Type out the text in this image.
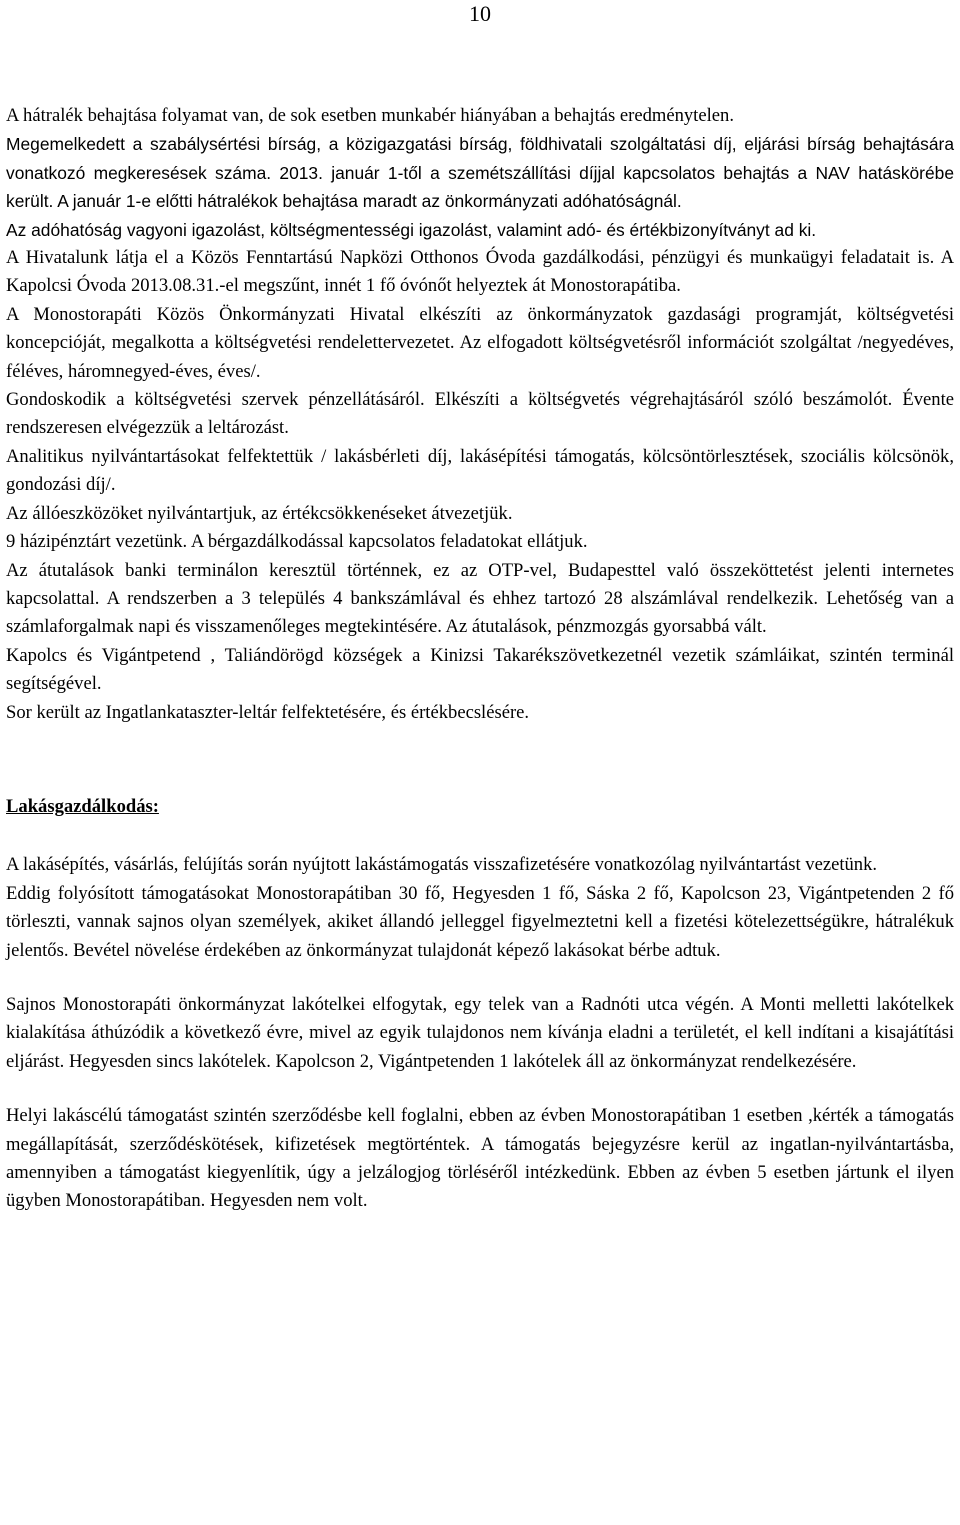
10

A hátralék behajtása folyamat van, de sok esetben munkabér hiányában a behajtás eredménytelen.

Megemelkedett a szabálysértési bírság, a közigazgatási bírság, földhivatali szolgáltatási díj, eljárási bírság behajtására vonatkozó megkeresések száma. 2013. január 1-től a szemétszállítási díjjal kapcsolatos behajtás a NAV hatáskörébe került. A január 1-e előtti hátralékok behajtása maradt az önkormányzati adóhatóságnál.

Az adóhatóság vagyoni igazolást, költségmentességi igazolást, valamint adó- és értékbizonyítványt ad ki.

A Hivatalunk látja el a Közös Fenntartású Napközi Otthonos Óvoda gazdálkodási, pénzügyi és munkaügyi feladatait is. A Kapolcsi Óvoda 2013.08.31.-el megszűnt, innét 1 fő óvónőt helyeztek át Monostorapátiba.

A Monostorapáti Közös Önkormányzati Hivatal elkészíti az önkormányzatok gazdasági programját, költségvetési koncepcióját, megalkotta a költségvetési rendelettervezetet. Az elfogadott költségvetésről információt szolgáltat /negyedéves, féléves, háromnegyed-éves, éves/.

Gondoskodik a költségvetési szervek pénzellátásáról. Elkészíti a költségvetés végrehajtásáról szóló beszámolót. Évente rendszeresen elvégezzük a leltározást.

Analitikus nyilvántartásokat felfektettük / lakásbérleti díj, lakásépítési támogatás, kölcsöntörlesztések, szociális kölcsönök, gondozási díj/.

Az állóeszközöket nyilvántartjuk, az értékcsökkenéseket átvezetjük.

9 házipénztárt vezetünk. A bérgazdálkodással kapcsolatos feladatokat ellátjuk.

Az átutalások banki terminálon keresztül történnek, ez az OTP-vel, Budapesttel való összeköttetést jelenti internetes kapcsolattal. A rendszerben a 3 település 4 bankszámlával és ehhez tartozó 28 alszámlával rendelkezik. Lehetőség van a számlaforgalmak napi és visszamenőleges megtekintésére. Az átutalások, pénzmozgás gyorsabbá vált.

Kapolcs és Vigántpetend , Taliándörögd községek a Kinizsi Takarékszövetkezetnél vezetik számláikat, szintén terminál segítségével.

Sor került az Ingatlankataszter-leltár felfektetésére, és értékbecslésére.

Lakásgazdálkodás:

A lakásépítés, vásárlás, felújítás során nyújtott lakástámogatás visszafizetésére vonatkozólag nyilvántartást vezetünk.

Eddig folyósított támogatásokat Monostorapátiban 30 fő, Hegyesden 1 fő, Sáska 2 fő, Kapolcson 23, Vigántpetenden 2 fő törleszti, vannak sajnos olyan személyek, akiket állandó jelleggel figyelmeztetni kell a fizetési kötelezettségükre, hátralékuk jelentős. Bevétel növelése érdekében az önkormányzat tulajdonát képező lakásokat bérbe adtuk.

Sajnos Monostorapáti önkormányzat lakótelkei elfogytak, egy telek van a Radnóti utca végén. A Monti melletti lakótelkek kialakítása áthúzódik a következő évre, mivel az egyik tulajdonos nem kívánja eladni a területét, el kell indítani a kisajátítási eljárást. Hegyesden sincs lakótelek. Kapolcson 2, Vigántpetenden 1 lakótelek áll az önkormányzat rendelkezésére.

Helyi lakáscélú támogatást szintén szerződésbe kell foglalni, ebben az évben Monostorapátiban 1 esetben ,kérték a támogatás megállapítását, szerződéskötések, kifizetések megtörténtek. A támogatás bejegyzésre kerül az ingatlan-nyilvántartásba, amennyiben a támogatást kiegyenlítik, úgy a jelzálogjog törléséről intézkedünk. Ebben az évben 5 esetben jártunk el ilyen ügyben Monostorapátiban. Hegyesden nem volt.
